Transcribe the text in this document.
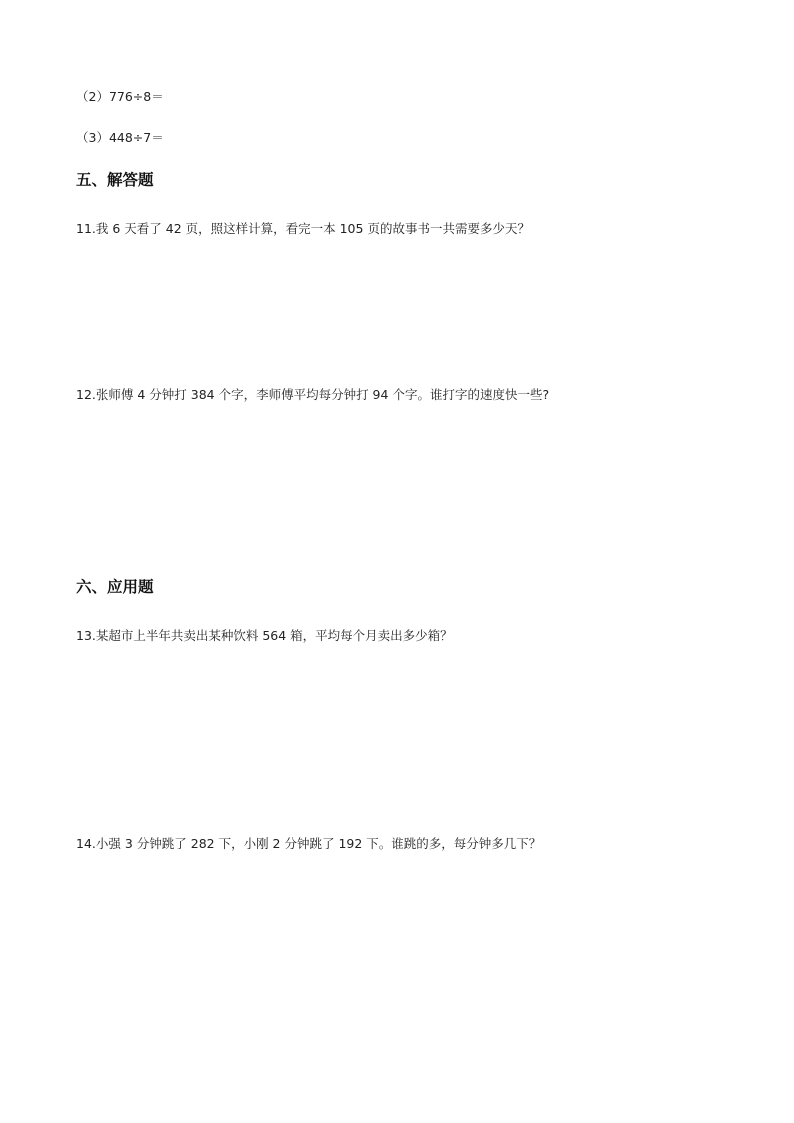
（2）776÷8＝
（3）448÷7＝
五、解答题
11.我 6 天看了 42 页，照这样计算，看完一本 105 页的故事书一共需要多少天？
12.张师傅 4 分钟打 384 个字，李师傅平均每分钟打 94 个字。谁打字的速度快一些?
六、应用题
13.某超市上半年共卖出某种饮料 564 箱，平均每个月卖出多少箱？
14.小强 3 分钟跳了 282 下，小刚 2 分钟跳了 192 下。谁跳的多，每分钟多几下？
